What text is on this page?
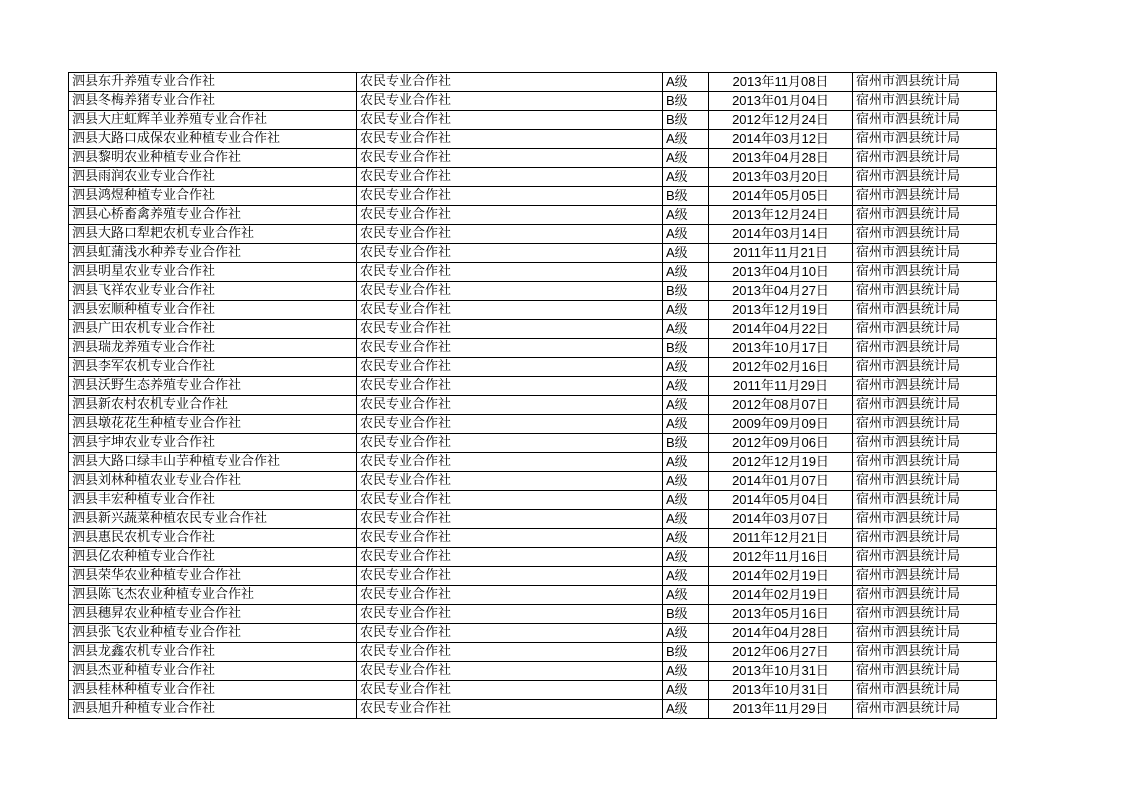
泗县东升养殖专业合作社	农民专业合作社	A级	2013年11月08日	宿州市泗县统计局
泗县冬梅养猪专业合作社	农民专业合作社	B级	2013年01月04日	宿州市泗县统计局
泗县大庄虹辉羊业养殖专业合作社	农民专业合作社	B级	2012年12月24日	宿州市泗县统计局
泗县大路口成保农业种植专业合作社	农民专业合作社	A级	2014年03月12日	宿州市泗县统计局
泗县黎明农业种植专业合作社	农民专业合作社	A级	2013年04月28日	宿州市泗县统计局
泗县雨润农业专业合作社	农民专业合作社	A级	2013年03月20日	宿州市泗县统计局
泗县鸿煜种植专业合作社	农民专业合作社	B级	2014年05月05日	宿州市泗县统计局
泗县心桥畜禽养殖专业合作社	农民专业合作社	A级	2013年12月24日	宿州市泗县统计局
泗县大路口犁耙农机专业合作社	农民专业合作社	A级	2014年03月14日	宿州市泗县统计局
泗县虹蒲浅水种养专业合作社	农民专业合作社	A级	2011年11月21日	宿州市泗县统计局
泗县明星农业专业合作社	农民专业合作社	A级	2013年04月10日	宿州市泗县统计局
泗县飞祥农业专业合作社	农民专业合作社	B级	2013年04月27日	宿州市泗县统计局
泗县宏顺种植专业合作社	农民专业合作社	A级	2013年12月19日	宿州市泗县统计局
泗县广田农机专业合作社	农民专业合作社	A级	2014年04月22日	宿州市泗县统计局
泗县瑞龙养殖专业合作社	农民专业合作社	B级	2013年10月17日	宿州市泗县统计局
泗县李军农机专业合作社	农民专业合作社	A级	2012年02月16日	宿州市泗县统计局
泗县沃野生态养殖专业合作社	农民专业合作社	A级	2011年11月29日	宿州市泗县统计局
泗县新农村农机专业合作社	农民专业合作社	A级	2012年08月07日	宿州市泗县统计局
泗县墩花花生种植专业合作社	农民专业合作社	A级	2009年09月09日	宿州市泗县统计局
泗县宇坤农业专业合作社	农民专业合作社	B级	2012年09月06日	宿州市泗县统计局
泗县大路口绿丰山芋种植专业合作社	农民专业合作社	A级	2012年12月19日	宿州市泗县统计局
泗县刘林种植农业专业合作社	农民专业合作社	A级	2014年01月07日	宿州市泗县统计局
泗县丰宏种植专业合作社	农民专业合作社	A级	2014年05月04日	宿州市泗县统计局
泗县新兴蔬菜种植农民专业合作社	农民专业合作社	A级	2014年03月07日	宿州市泗县统计局
泗县惠民农机专业合作社	农民专业合作社	A级	2011年12月21日	宿州市泗县统计局
泗县亿农种植专业合作社	农民专业合作社	A级	2012年11月16日	宿州市泗县统计局
泗县荣华农业种植专业合作社	农民专业合作社	A级	2014年02月19日	宿州市泗县统计局
泗县陈飞杰农业种植专业合作社	农民专业合作社	A级	2014年02月19日	宿州市泗县统计局
泗县穗昇农业种植专业合作社	农民专业合作社	B级	2013年05月16日	宿州市泗县统计局
泗县张飞农业种植专业合作社	农民专业合作社	A级	2014年04月28日	宿州市泗县统计局
泗县龙鑫农机专业合作社	农民专业合作社	B级	2012年06月27日	宿州市泗县统计局
泗县杰亚种植专业合作社	农民专业合作社	A级	2013年10月31日	宿州市泗县统计局
泗县桂林种植专业合作社	农民专业合作社	A级	2013年10月31日	宿州市泗县统计局
泗县旭升种植专业合作社	农民专业合作社	A级	2013年11月29日	宿州市泗县统计局
